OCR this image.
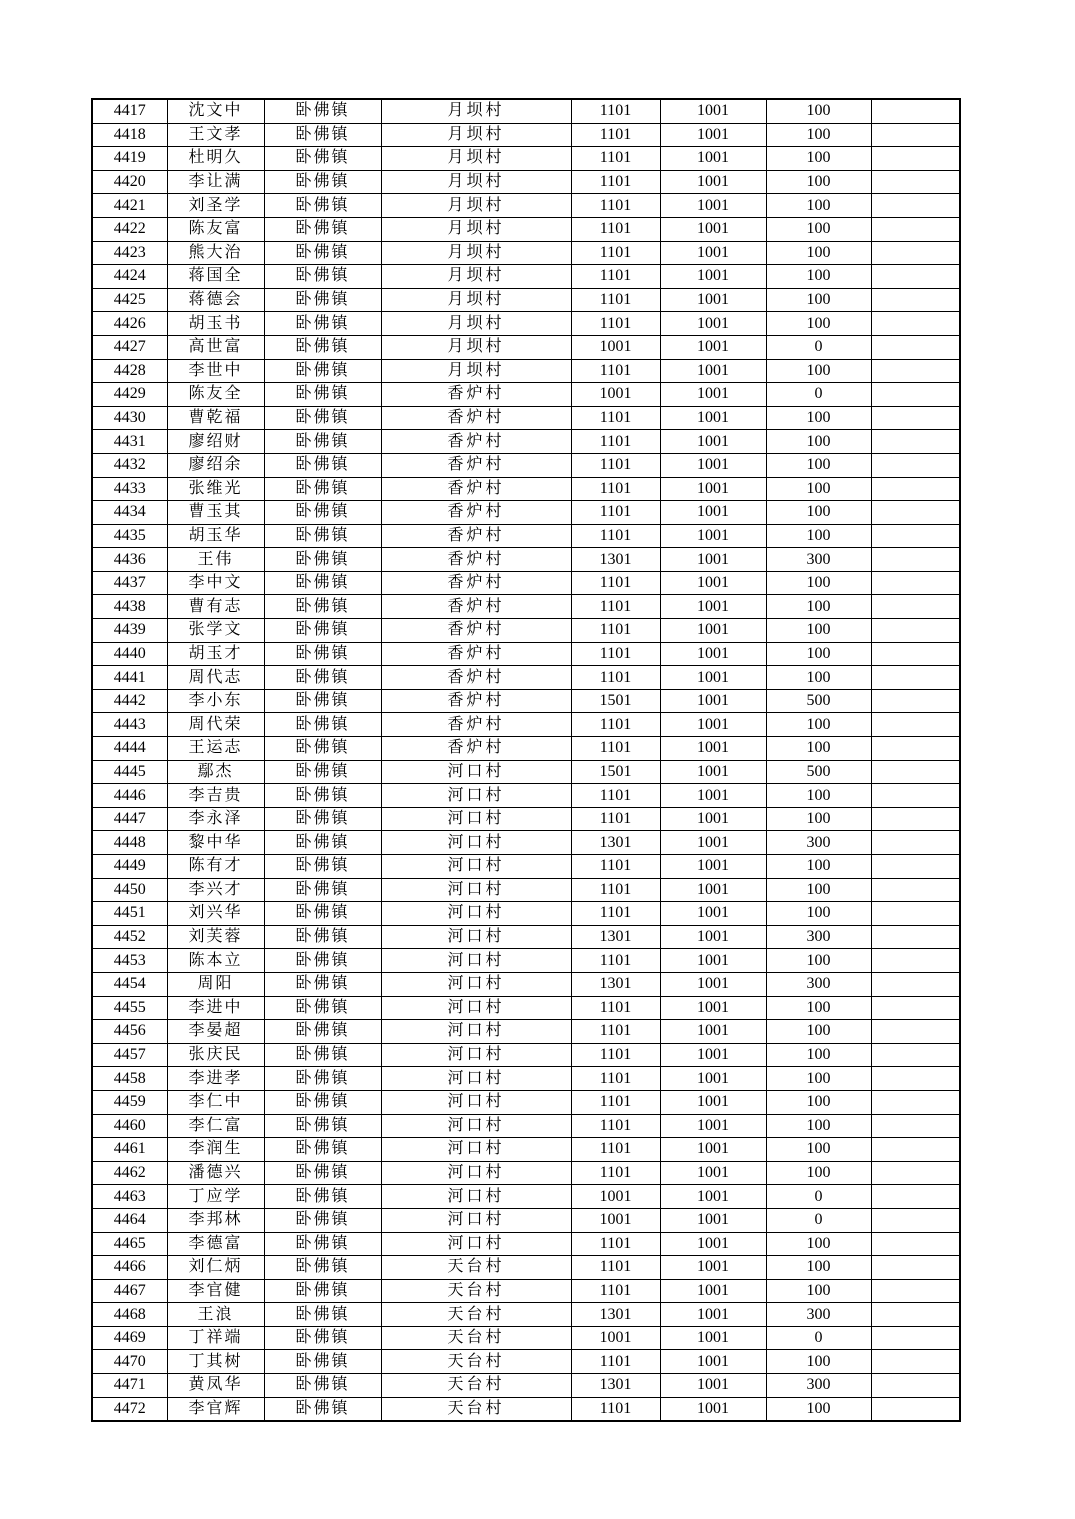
4417	沈文中	卧佛镇	月坝村	1101	1001	100	
4418	王文孝	卧佛镇	月坝村	1101	1001	100	
4419	杜明久	卧佛镇	月坝村	1101	1001	100	
4420	李让满	卧佛镇	月坝村	1101	1001	100	
4421	刘圣学	卧佛镇	月坝村	1101	1001	100	
4422	陈友富	卧佛镇	月坝村	1101	1001	100	
4423	熊大治	卧佛镇	月坝村	1101	1001	100	
4424	蒋国全	卧佛镇	月坝村	1101	1001	100	
4425	蒋德会	卧佛镇	月坝村	1101	1001	100	
4426	胡玉书	卧佛镇	月坝村	1101	1001	100	
4427	高世富	卧佛镇	月坝村	1001	1001	0	
4428	李世中	卧佛镇	月坝村	1101	1001	100	
4429	陈友全	卧佛镇	香炉村	1001	1001	0	
4430	曹乾福	卧佛镇	香炉村	1101	1001	100	
4431	廖绍财	卧佛镇	香炉村	1101	1001	100	
4432	廖绍余	卧佛镇	香炉村	1101	1001	100	
4433	张维光	卧佛镇	香炉村	1101	1001	100	
4434	曹玉其	卧佛镇	香炉村	1101	1001	100	
4435	胡玉华	卧佛镇	香炉村	1101	1001	100	
4436	王伟	卧佛镇	香炉村	1301	1001	300	
4437	李中文	卧佛镇	香炉村	1101	1001	100	
4438	曹有志	卧佛镇	香炉村	1101	1001	100	
4439	张学文	卧佛镇	香炉村	1101	1001	100	
4440	胡玉才	卧佛镇	香炉村	1101	1001	100	
4441	周代志	卧佛镇	香炉村	1101	1001	100	
4442	李小东	卧佛镇	香炉村	1501	1001	500	
4443	周代荣	卧佛镇	香炉村	1101	1001	100	
4444	王运志	卧佛镇	香炉村	1101	1001	100	
4445	鄢杰	卧佛镇	河口村	1501	1001	500	
4446	李吉贵	卧佛镇	河口村	1101	1001	100	
4447	李永泽	卧佛镇	河口村	1101	1001	100	
4448	黎中华	卧佛镇	河口村	1301	1001	300	
4449	陈有才	卧佛镇	河口村	1101	1001	100	
4450	李兴才	卧佛镇	河口村	1101	1001	100	
4451	刘兴华	卧佛镇	河口村	1101	1001	100	
4452	刘芙蓉	卧佛镇	河口村	1301	1001	300	
4453	陈本立	卧佛镇	河口村	1101	1001	100	
4454	周阳	卧佛镇	河口村	1301	1001	300	
4455	李进中	卧佛镇	河口村	1101	1001	100	
4456	李晏超	卧佛镇	河口村	1101	1001	100	
4457	张庆民	卧佛镇	河口村	1101	1001	100	
4458	李进孝	卧佛镇	河口村	1101	1001	100	
4459	李仁中	卧佛镇	河口村	1101	1001	100	
4460	李仁富	卧佛镇	河口村	1101	1001	100	
4461	李润生	卧佛镇	河口村	1101	1001	100	
4462	潘德兴	卧佛镇	河口村	1101	1001	100	
4463	丁应学	卧佛镇	河口村	1001	1001	0	
4464	李邦林	卧佛镇	河口村	1001	1001	0	
4465	李德富	卧佛镇	河口村	1101	1001	100	
4466	刘仁炳	卧佛镇	天台村	1101	1001	100	
4467	李官健	卧佛镇	天台村	1101	1001	100	
4468	王浪	卧佛镇	天台村	1301	1001	300	
4469	丁祥端	卧佛镇	天台村	1001	1001	0	
4470	丁其树	卧佛镇	天台村	1101	1001	100	
4471	黄凤华	卧佛镇	天台村	1301	1001	300	
4472	李官辉	卧佛镇	天台村	1101	1001	100	
